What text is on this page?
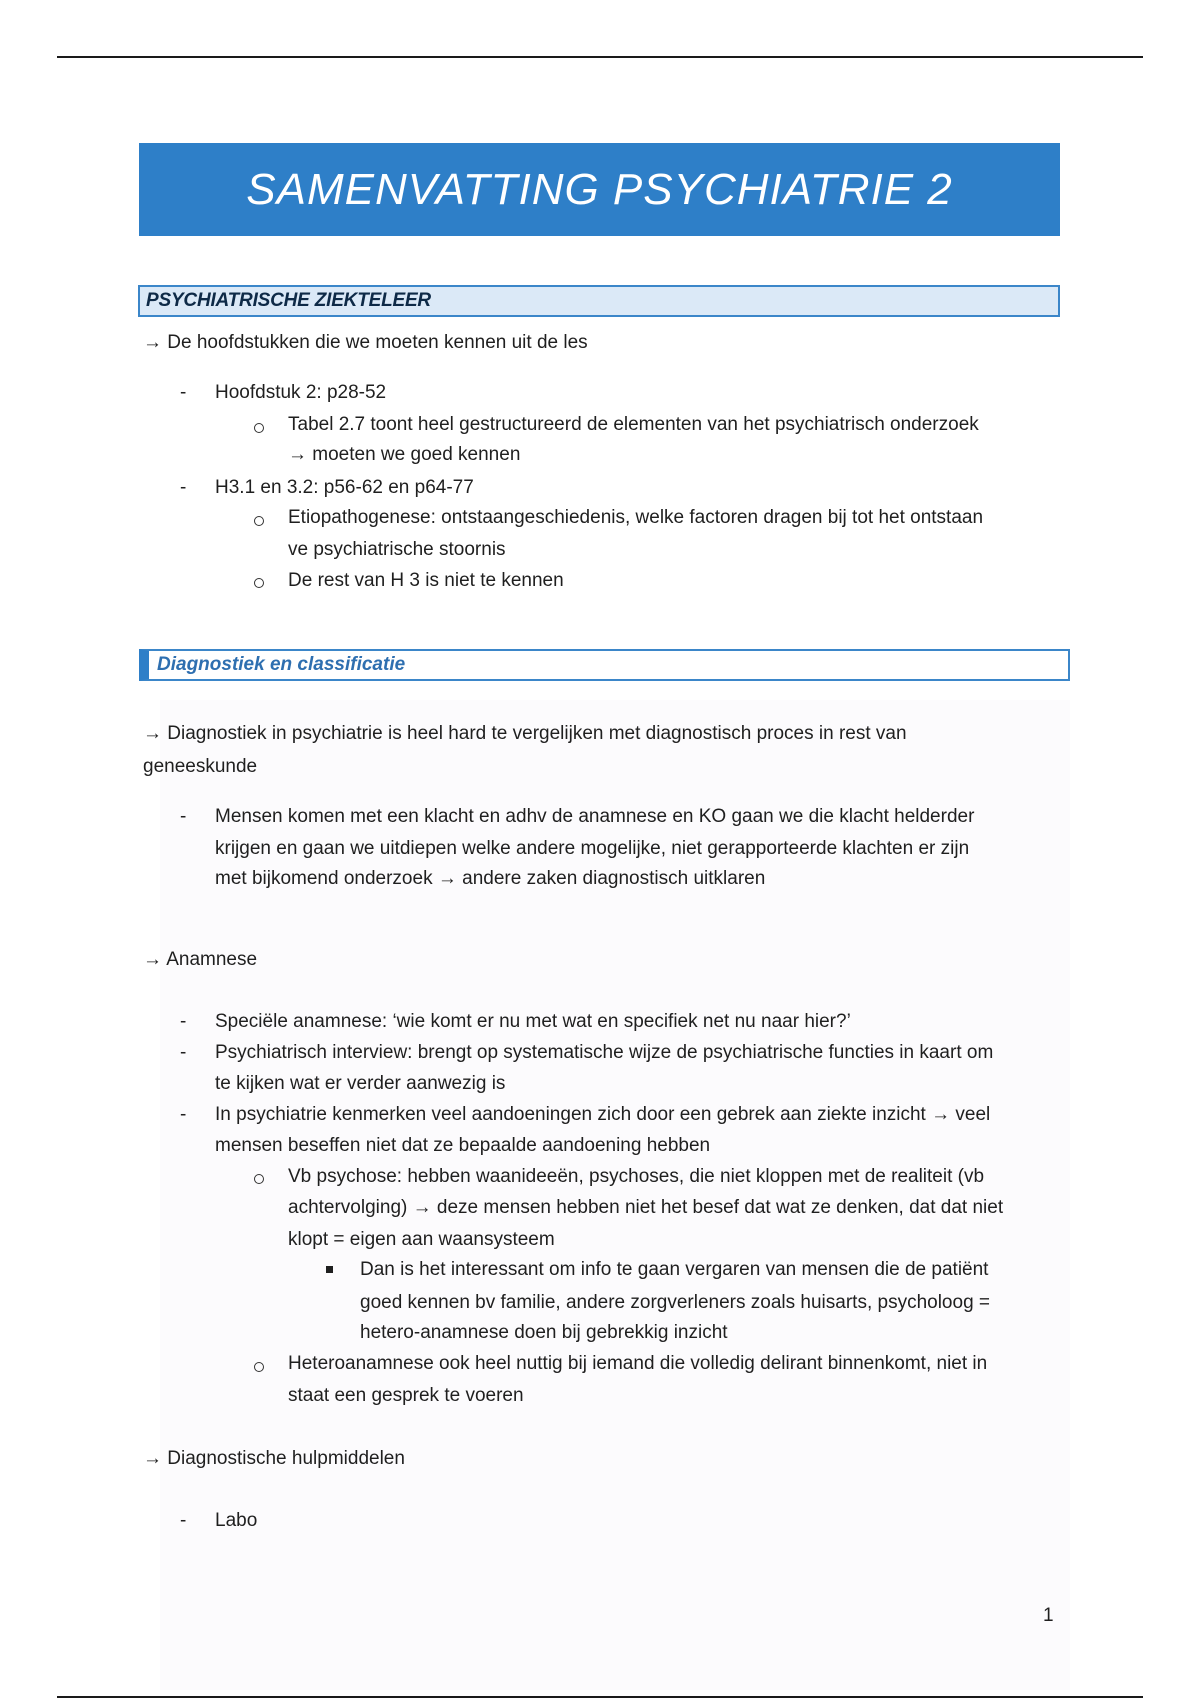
SAMENVATTING PSYCHIATRIE 2
PSYCHIATRISCHE ZIEKTELEER
→ De hoofdstukken die we moeten kennen uit de les
- Hoofdstuk 2: p28-52
Tabel 2.7 toont heel gestructureerd de elementen van het psychiatrisch onderzoek
→ moeten we goed kennen
- H3.1 en 3.2: p56-62 en p64-77
Etiopathogenese: ontstaangeschiedenis, welke factoren dragen bij tot het ontstaan
ve psychiatrische stoornis
De rest van H 3 is niet te kennen
Diagnostiek en classificatie
→ Diagnostiek in psychiatrie is heel hard te vergelijken met diagnostisch proces in rest van
geneeskunde
- Mensen komen met een klacht en adhv de anamnese en KO gaan we die klacht helderder
krijgen en gaan we uitdiepen welke andere mogelijke, niet gerapporteerde klachten er zijn
met bijkomend onderzoek → andere zaken diagnostisch uitklaren
→ Anamnese
- Speciële anamnese: ‘wie komt er nu met wat en specifiek net nu naar hier?’
- Psychiatrisch interview: brengt op systematische wijze de psychiatrische functies in kaart om
te kijken wat er verder aanwezig is
- In psychiatrie kenmerken veel aandoeningen zich door een gebrek aan ziekte inzicht → veel
mensen beseffen niet dat ze bepaalde aandoening hebben
Vb psychose: hebben waanideeën, psychoses, die niet kloppen met de realiteit (vb
achtervolging) → deze mensen hebben niet het besef dat wat ze denken, dat dat niet
klopt = eigen aan waansysteem
Dan is het interessant om info te gaan vergaren van mensen die de patiënt
goed kennen bv familie, andere zorgverleners zoals huisarts, psycholoog =
hetero-anamnese doen bij gebrekkig inzicht
Heteroanamnese ook heel nuttig bij iemand die volledig delirant binnenkomt, niet in
staat een gesprek te voeren
→ Diagnostische hulpmiddelen
- Labo
1
